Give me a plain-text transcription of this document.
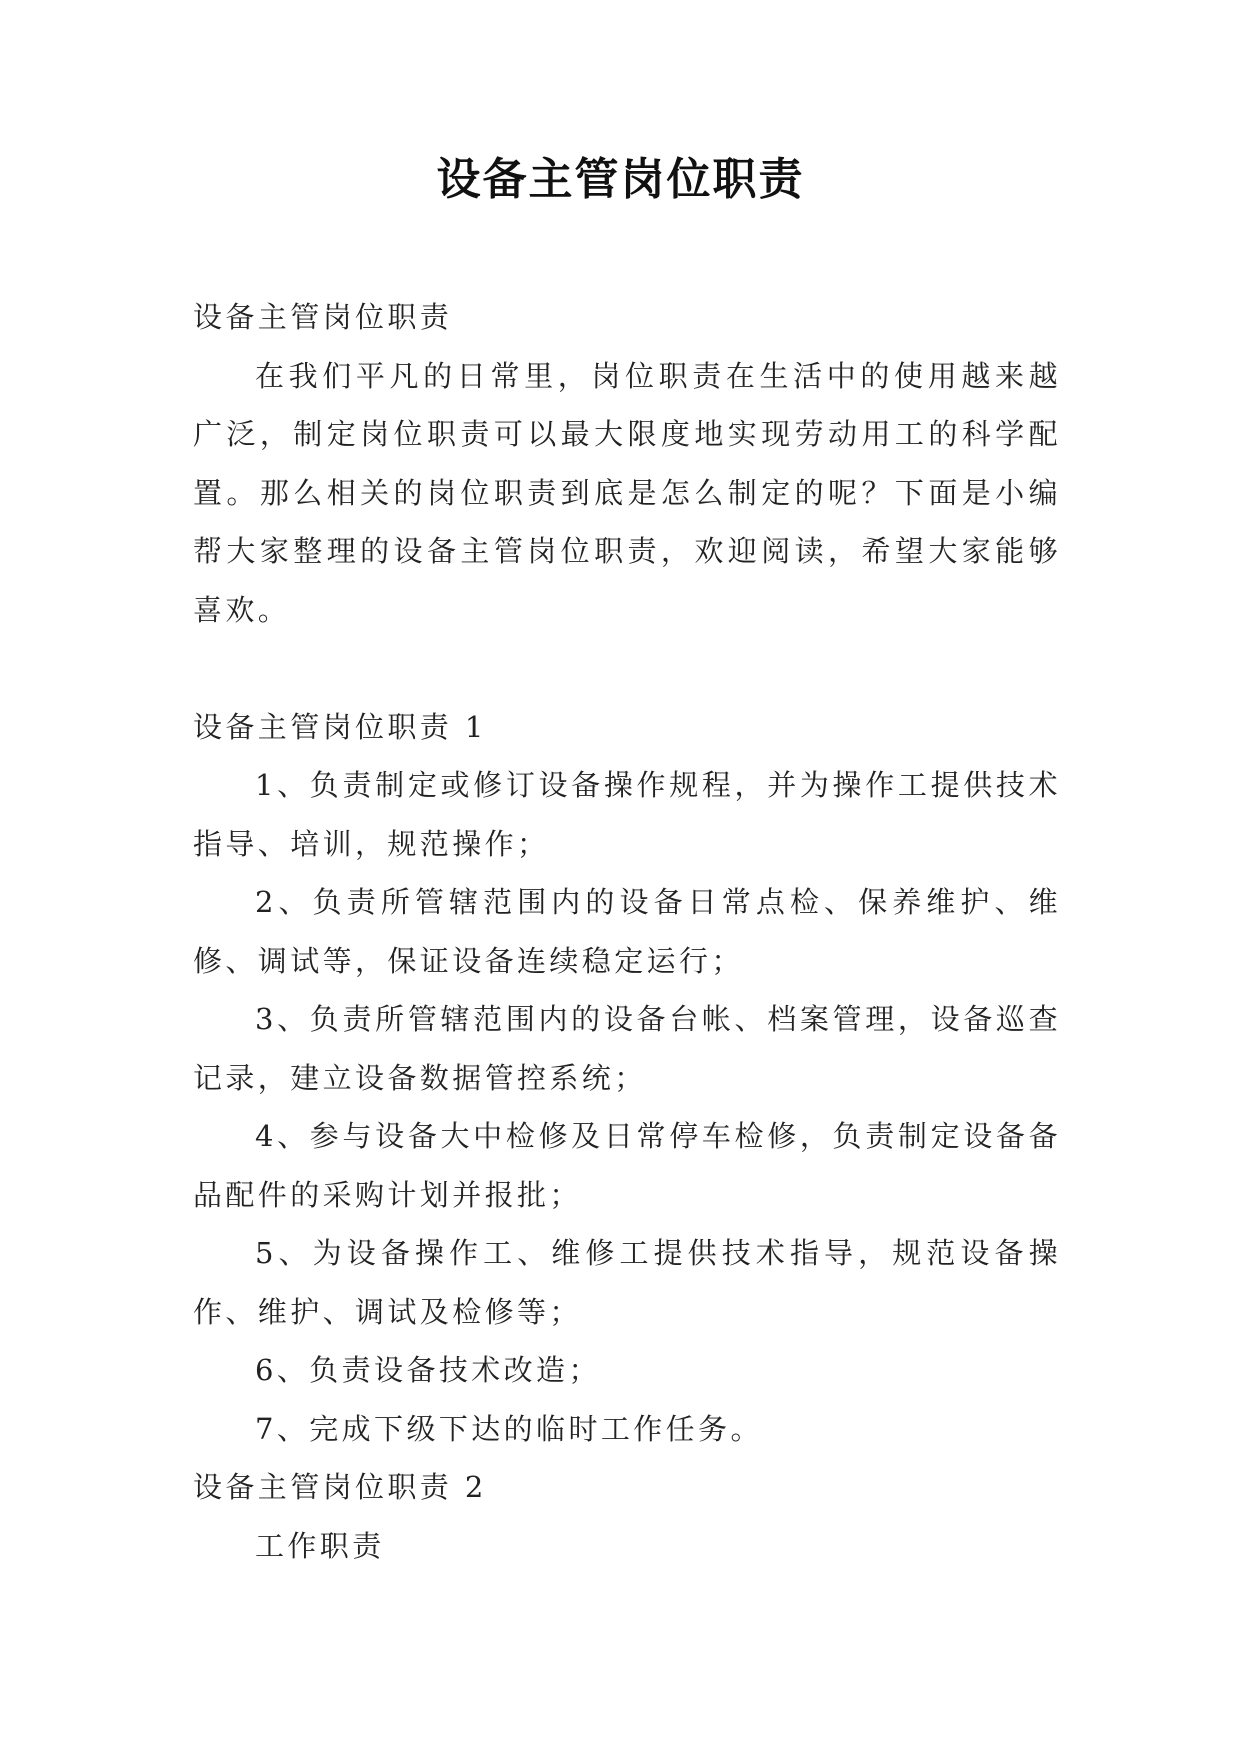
设备主管岗位职责

设备主管岗位职责

在我们平凡的日常里，岗位职责在生活中的使用越来越广泛，制定岗位职责可以最大限度地实现劳动用工的科学配置。那么相关的岗位职责到底是怎么制定的呢？下面是小编帮大家整理的设备主管岗位职责，欢迎阅读，希望大家能够喜欢。

设备主管岗位职责 1

1、负责制定或修订设备操作规程，并为操作工提供技术指导、培训，规范操作；

2、负责所管辖范围内的设备日常点检、保养维护、维修、调试等，保证设备连续稳定运行；

3、负责所管辖范围内的设备台帐、档案管理，设备巡查记录，建立设备数据管控系统；

4、参与设备大中检修及日常停车检修，负责制定设备备品配件的采购计划并报批；

5、为设备操作工、维修工提供技术指导，规范设备操作、维护、调试及检修等；

6、负责设备技术改造；

7、完成下级下达的临时工作任务。

设备主管岗位职责 2

工作职责
